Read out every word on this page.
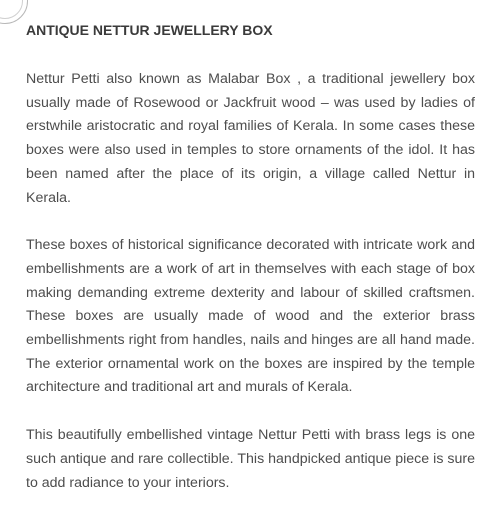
ANTIQUE NETTUR JEWELLERY BOX

Nettur Petti also known as Malabar Box , a traditional jewellery box usually made of Rosewood or Jackfruit wood – was used by ladies of erstwhile aristocratic and royal families of Kerala. In some cases these boxes were also used in temples to store ornaments of the idol. It has been named after the place of its origin, a village called Nettur in Kerala.

These boxes of historical significance decorated with intricate work and embellishments are a work of art in themselves with each stage of box making demanding extreme dexterity and labour of skilled craftsmen. These boxes are usually made of wood and the exterior brass embellishments right from handles, nails and hinges are all hand made. The exterior ornamental work on the boxes are inspired by the temple architecture and traditional art and murals of Kerala.

This beautifully embellished vintage Nettur Petti with brass legs is one such antique and rare collectible. This handpicked antique piece is sure to add radiance to your interiors.
